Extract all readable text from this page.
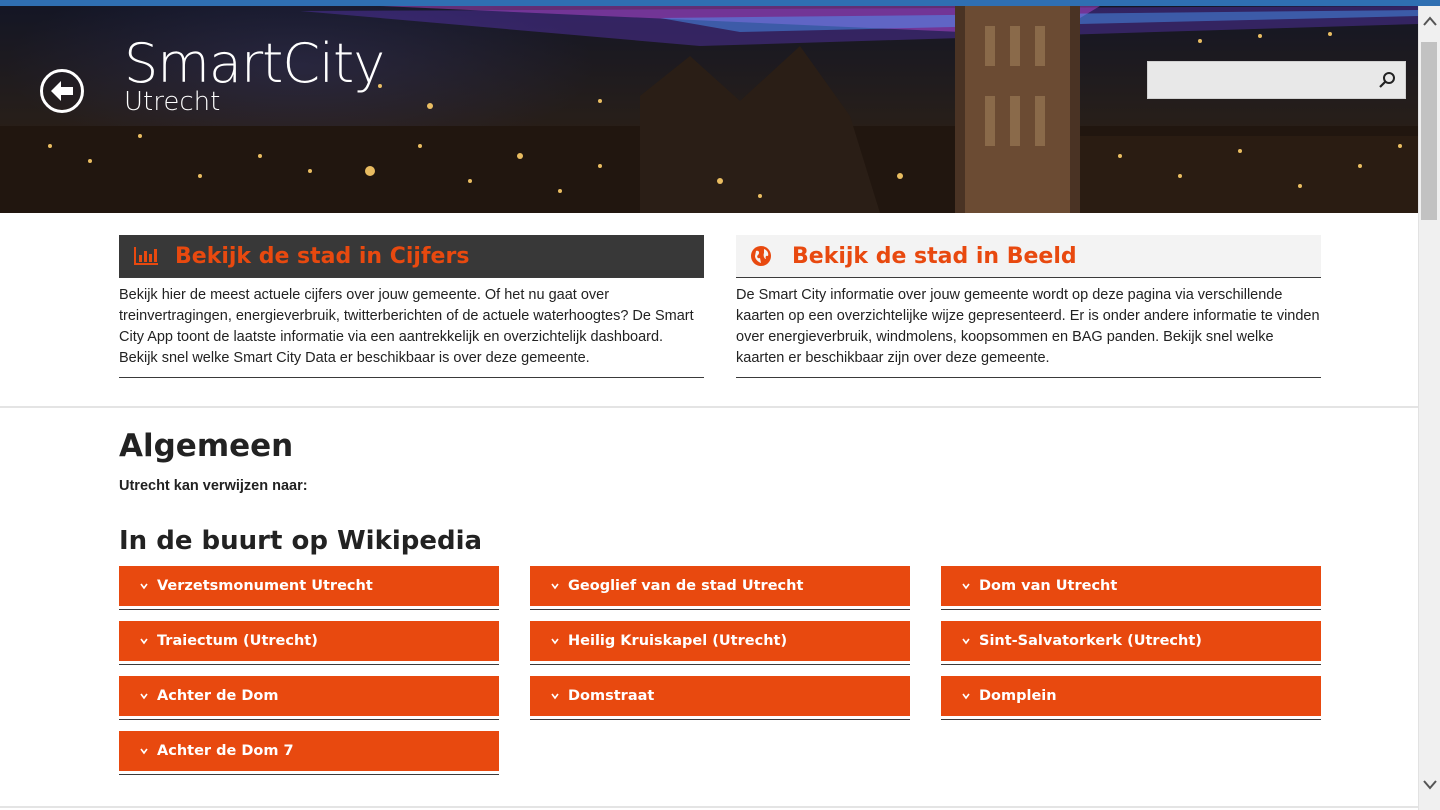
SmartCity
Utrecht
Bekijk de stad in Cijfers

Bekijk hier de meest actuele cijfers over jouw gemeente. Of het nu gaat over treinvertragingen, energieverbruik, twitterberichten of de actuele waterhoogtes? De Smart City App toont de laatste informatie via een aantrekkelijk en overzichtelijk dashboard. Bekijk snel welke Smart City Data er beschikbaar is over deze gemeente.

Bekijk de stad in Beeld

De Smart City informatie over jouw gemeente wordt op deze pagina via verschillende kaarten op een overzichtelijke wijze gepresenteerd. Er is onder andere informatie te vinden over energieverbruik, windmolens, koopsommen en BAG panden. Bekijk snel welke kaarten er beschikbaar zijn over deze gemeente.

Algemeen

Utrecht kan verwijzen naar:

In de buurt op Wikipedia
Verzetsmonument Utrecht	Geoglief van de stad Utrecht	Dom van Utrecht
Traiectum (Utrecht)	Heilig Kruiskapel (Utrecht)	Sint-Salvatorkerk (Utrecht)
Achter de Dom	Domstraat	Domplein
Achter de Dom 7
